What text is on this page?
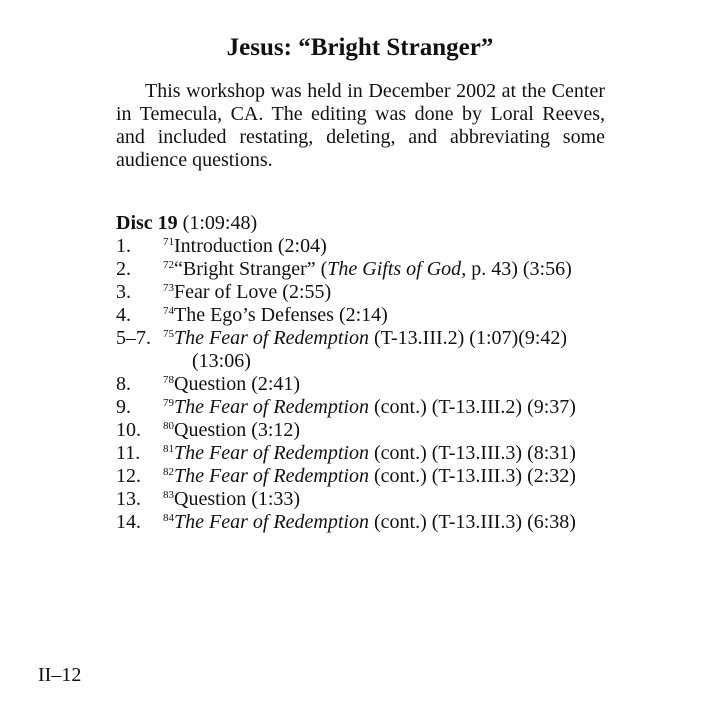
Jesus: “Bright Stranger”

This workshop was held in December 2002 at the Center in Temecula, CA. The editing was done by Loral Reeves, and included restating, deleting, and abbreviating some audience questions.

Disc 19 (1:09:48)
1.	$^{71}$Introduction (2:04)
2.	$^{72}$“Bright Stranger” (The Gifts of God, p. 43) (3:56)
3.	$^{73}$Fear of Love (2:55)
4.	$^{74}$The Ego’s Defenses (2:14)
5–7.	$^{75}$The Fear of Redemption (T-13.III.2) (1:07)(9:42)
(13:06)
8.	$^{78}$Question (2:41)
9.	$^{79}$The Fear of Redemption (cont.) (T-13.III.2) (9:37)
10.	$^{80}$Question (3:12)
11.	$^{81}$The Fear of Redemption (cont.) (T-13.III.3) (8:31)
12.	$^{82}$The Fear of Redemption (cont.) (T-13.III.3) (2:32)
13.	$^{83}$Question (1:33)
14.	$^{84}$The Fear of Redemption (cont.) (T-13.III.3) (6:38)
II–12
